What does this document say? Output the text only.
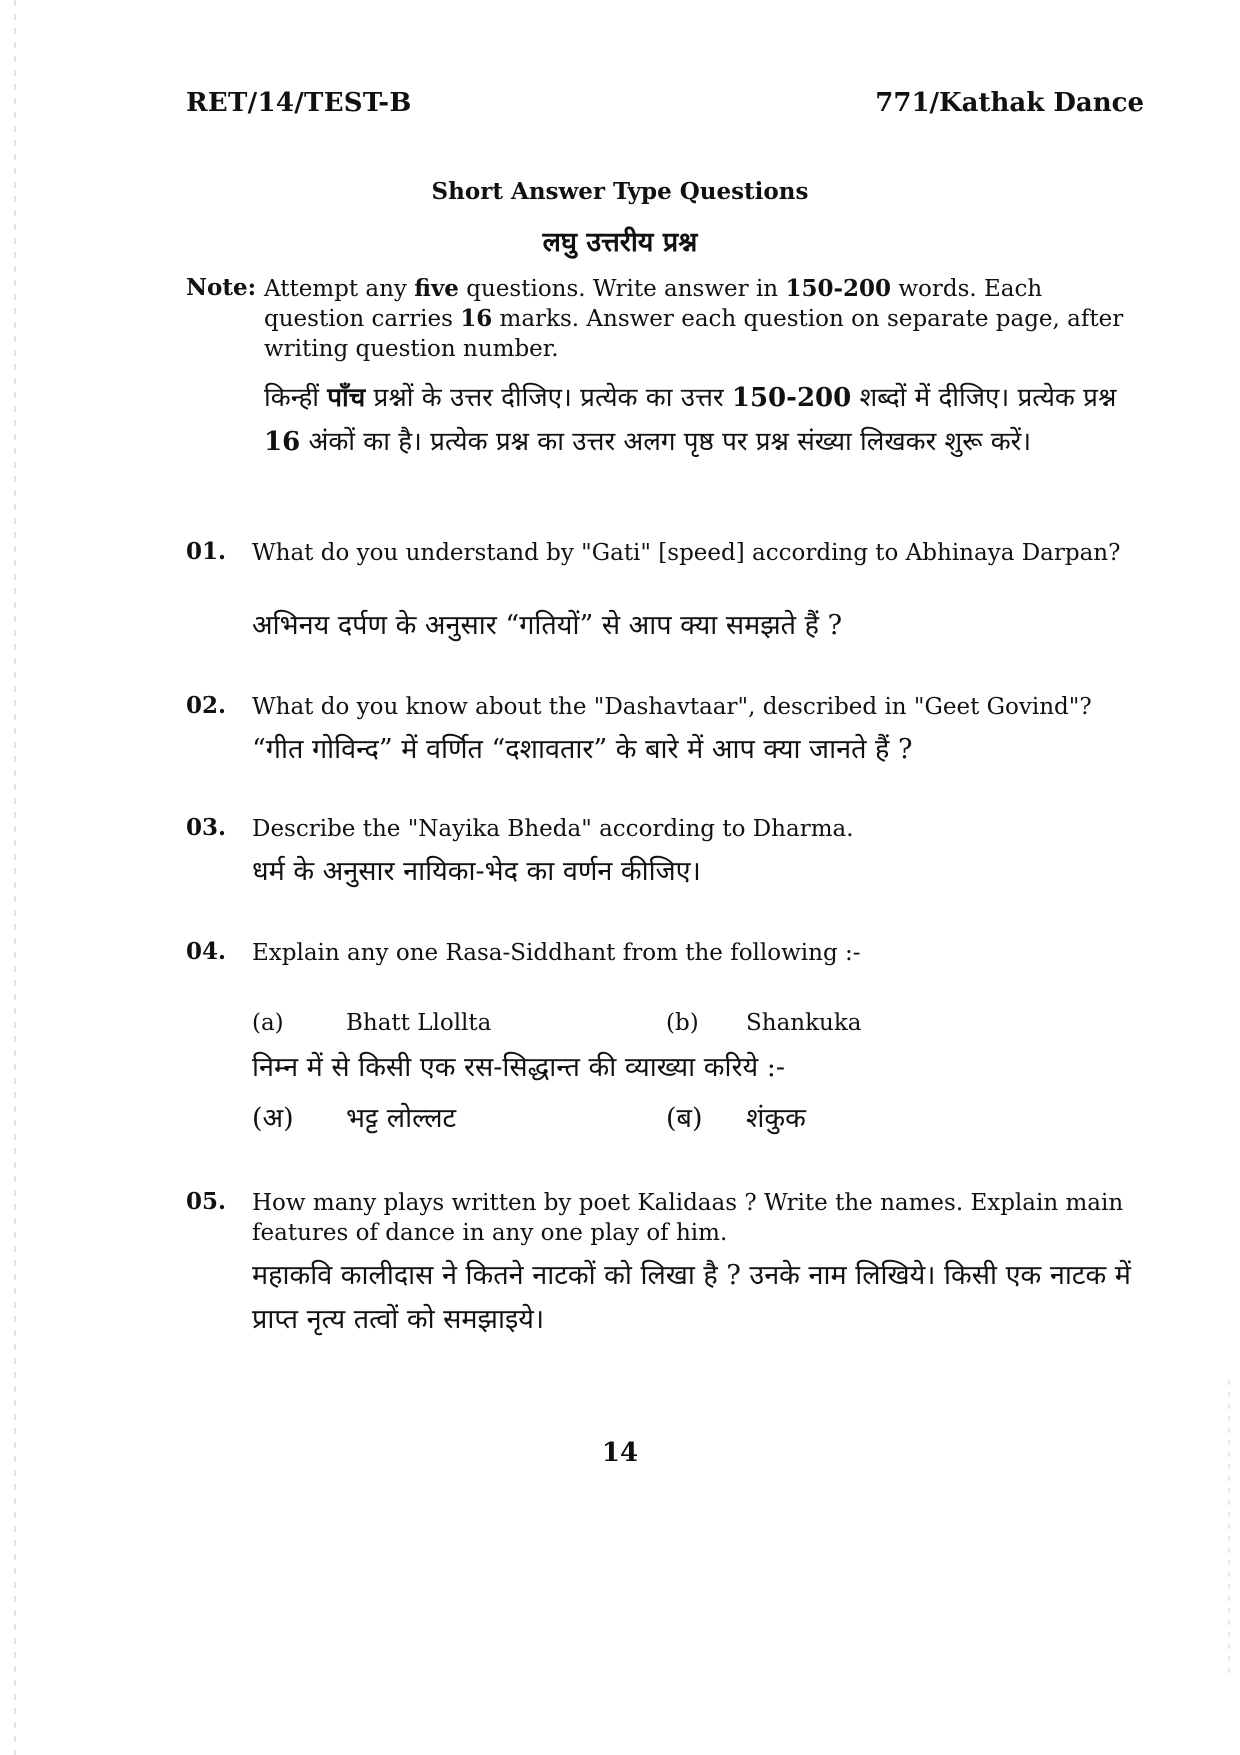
RET/14/TEST-B	771/Kathak Dance
Short Answer Type Questions
लघु उत्तरीय प्रश्न
Note: Attempt any five questions. Write answer in 150-200 words. Each question carries 16 marks. Answer each question on separate page, after writing question number.
किन्हीं पाँच प्रश्नों के उत्तर दीजिए। प्रत्येक का उत्तर 150-200 शब्दों में दीजिए। प्रत्येक प्रश्न 16 अंकों का है। प्रत्येक प्रश्न का उत्तर अलग पृष्ठ पर प्रश्न संख्या लिखकर शुरू करें।
01. What do you understand by "Gati" [speed] according to Abhinaya Darpan?
अभिनय दर्पण के अनुसार “गतियों” से आप क्या समझते हैं ?
02. What do you know about the "Dashavtaar", described in "Geet Govind"?
“गीत गोविन्द” में वर्णित “दशावतार” के बारे में आप क्या जानते हैं ?
03. Describe the "Nayika Bheda" according to Dharma.
धर्म के अनुसार नायिका-भेद का वर्णन कीजिए।
04. Explain any one Rasa-Siddhant from the following :-
(a)	Bhatt Llollta	(b) Shankuka
निम्न में से किसी एक रस-सिद्धान्त की व्याख्या करिये :-
(अ) भट्ट लोल्लट	(ब) शंकुक
05. How many plays written by poet Kalidaas ? Write the names. Explain main features of dance in any one play of him.
महाकवि कालीदास ने कितने नाटकों को लिखा है ? उनके नाम लिखिये। किसी एक नाटक में प्राप्त नृत्य तत्वों को समझाइये।
14
